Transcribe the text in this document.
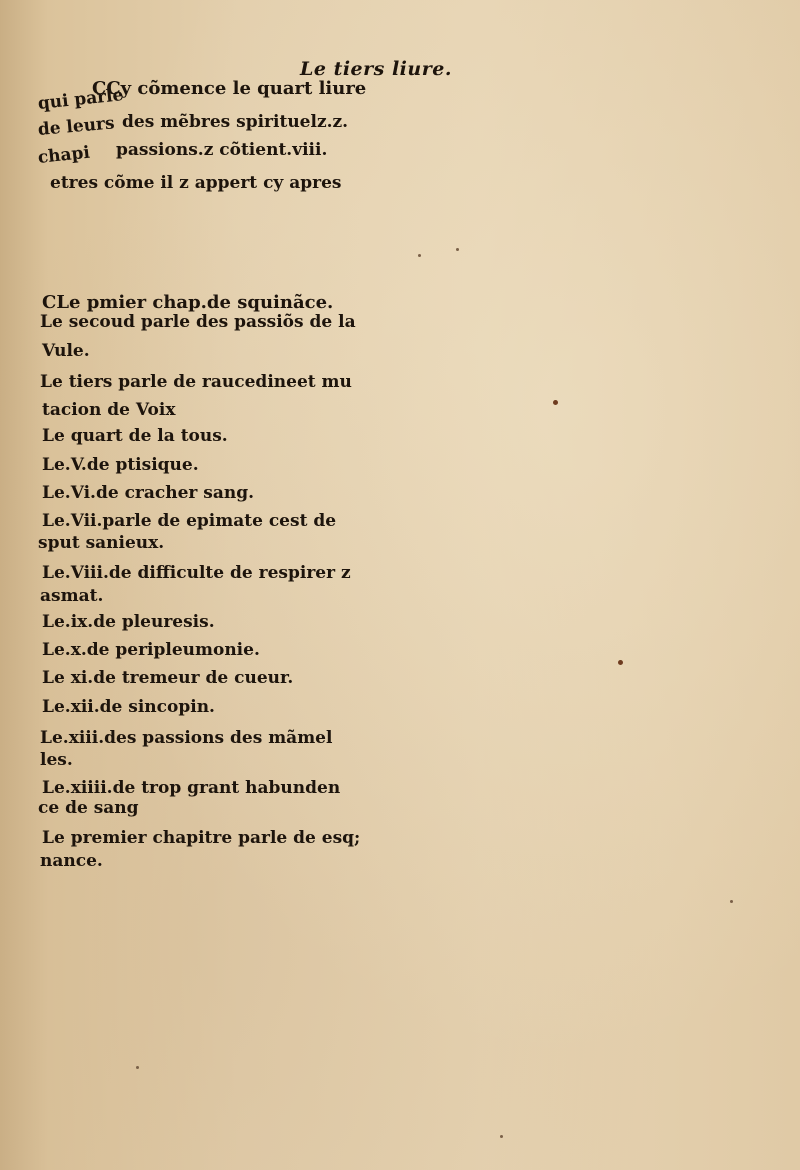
Le tiers liure.
CCy cõmence le quart liure
qui parle
des mẽbres spirituelz.z.
de leurs
passions.z cõtient.viii.
chapi
etres cõme il z appert cy apres
CLe pmier chap.de squinãce.
Le secoud parle des passiõs de la
Vule.
Le tiers parle de raucedineet mu
tacion de Voix
Le quart de la tous.
Le.V.de ptisique.
Le.Vi.de cracher sang.
Le.Vii.parle de epimate cest de
sput sanieux.
Le.Viii.de difficulte de respirer z
asmat.
Le.ix.de pleuresis.
Le.x.de peripleumonie.
Le xi.de tremeur de cueur.
Le.xii.de sincopin.
Le.xiii.des passions des mãmel
les.
Le.xiiii.de trop grant habunden
ce de sang
Le premier chapitre parle de esq;
nance.
